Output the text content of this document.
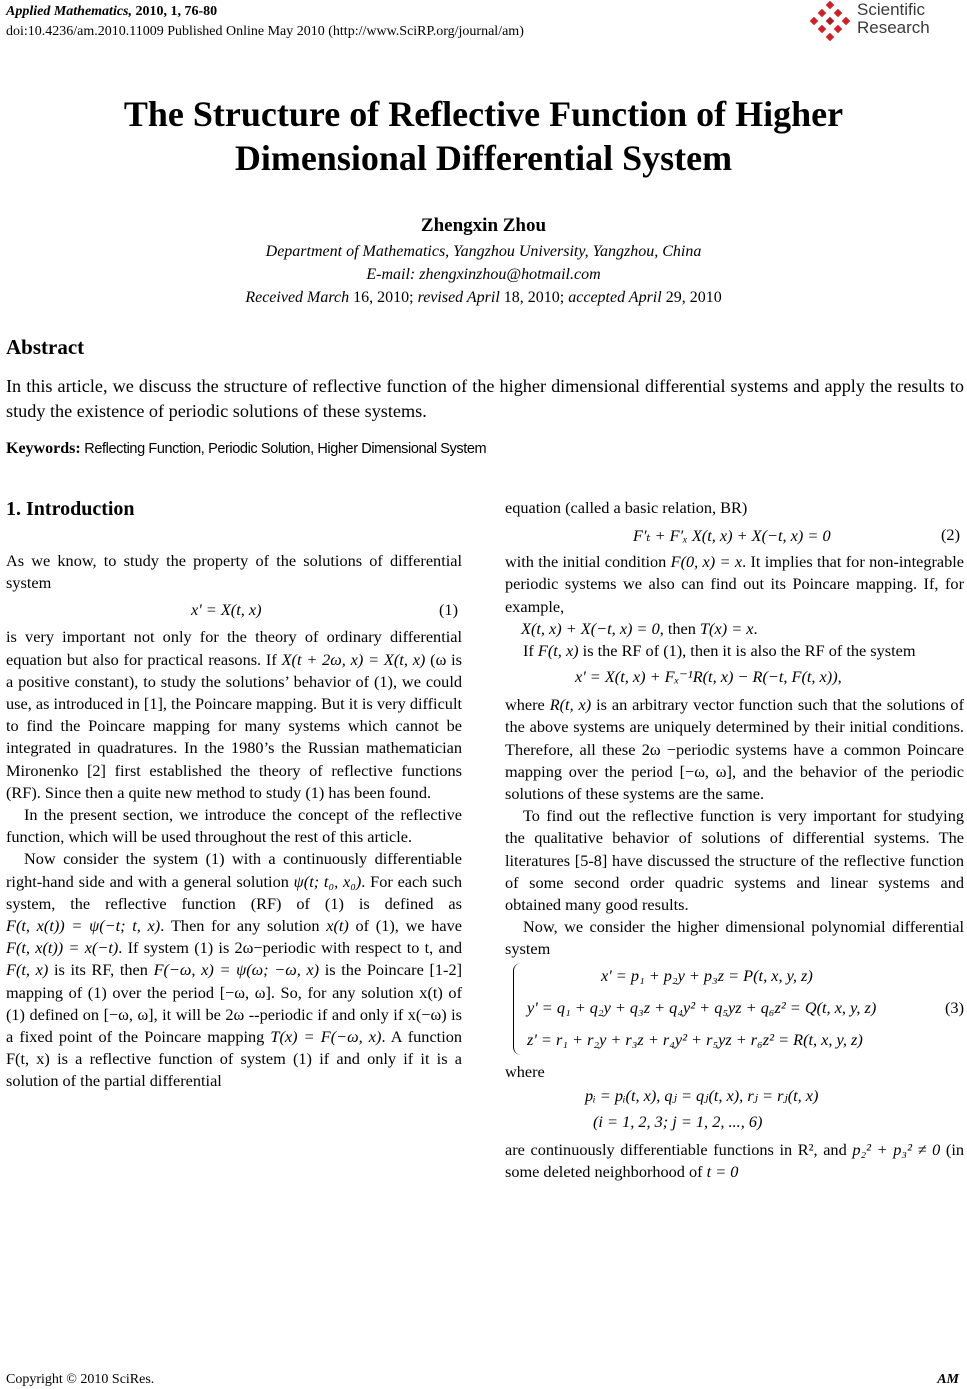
Applied Mathematics, 2010, 1, 76-80
doi:10.4236/am.2010.11009 Published Online May 2010 (http://www.SciRP.org/journal/am)
Scientific
Research
The Structure of Reflective Function of Higher
Dimensional Differential System
Zhengxin Zhou
Department of Mathematics, Yangzhou University, Yangzhou, China
E-mail: zhengxinzhou@hotmail.com
Received March 16, 2010; revised April 18, 2010; accepted April 29, 2010
Abstract
In this article, we discuss the structure of reflective function of the higher dimensional differential systems and apply the results to study the existence of periodic solutions of these systems.
Keywords: Reflecting Function, Periodic Solution, Higher Dimensional System
1. Introduction

As we know, to study the property of the solutions of differential system

x' = X(t, x)	(1)

is very important not only for the theory of ordinary differential equation but also for practical reasons. If X(t + 2ω, x) = X(t, x) (ω is a positive constant), to study the solutions’ behavior of (1), we could use, as introduced in [1], the Poincare mapping. But it is very difficult to find the Poincare mapping for many systems which cannot be integrated in quadratures. In the 1980’s the Russian mathematician Mironenko [2] first established the theory of reflective functions (RF). Since then a quite new method to study (1) has been found.

In the present section, we introduce the concept of the reflective function, which will be used throughout the rest of this article.

Now consider the system (1) with a continuously differentiable right-hand side and with a general solution ψ(t; t₀, x₀). For each such system, the reflective function (RF) of (1) is defined as F(t, x(t)) = ψ(−t; t, x). Then for any solution x(t) of (1), we have F(t, x(t)) = x(−t). If system (1) is 2ω−periodic with respect to t, and F(t, x) is its RF, then F(−ω, x) = ψ(ω; −ω, x) is the Poincare [1-2] mapping of (1) over the period [−ω, ω]. So, for any solution x(t) of (1) defined on [−ω, ω], it will be 2ω --periodic if and only if x(−ω) is a fixed point of the Poincare mapping T(x) = F(−ω, x). A function F(t, x) is a reflective function of system (1) if and only if it is a solution of the partial differential

equation (called a basic relation, BR)

F′ₜ + F′ₓ X(t, x) + X(−t, x) = 0	(2)

with the initial condition F(0, x) = x. It implies that for non-integrable periodic systems we also can find out its Poincare mapping. If, for example,

X(t, x) + X(−t, x) = 0, then T(x) = x.

If F(t, x) is the RF of (1), then it is also the RF of the system

x' = X(t, x) + Fₓ⁻¹R(t, x) − R(−t, F(t, x)),

where R(t, x) is an arbitrary vector function such that the solutions of the above systems are uniquely determined by their initial conditions. Therefore, all these 2ω −periodic systems have a common Poincare mapping over the period [−ω, ω], and the behavior of the periodic solutions of these systems are the same.

To find out the reflective function is very important for studying the qualitative behavior of solutions of differential systems. The literatures [5-8] have discussed the structure of the reflective function of some second order quadric systems and linear systems and obtained many good results.

Now, we consider the higher dimensional polynomial differential system

x' = p₁ + p₂y + p₃z = P(t, x, y, z)
y' = q₁ + q₂y + q₃z + q₄y² + q₅yz + q₆z² = Q(t, x, y, z)
z' = r₁ + r₂y + r₃z + r₄y² + r₅yz + r₆z² = R(t, x, y, z)
(3)

where

pᵢ = pᵢ(t, x), qⱼ = qⱼ(t, x), rⱼ = rⱼ(t, x)
(i = 1, 2, 3; j = 1, 2, ..., 6)

are continuously differentiable functions in R², and p₂² + p₃² ≠ 0 (in some deleted neighborhood of t = 0

Copyright © 2010 SciRes.	AM
